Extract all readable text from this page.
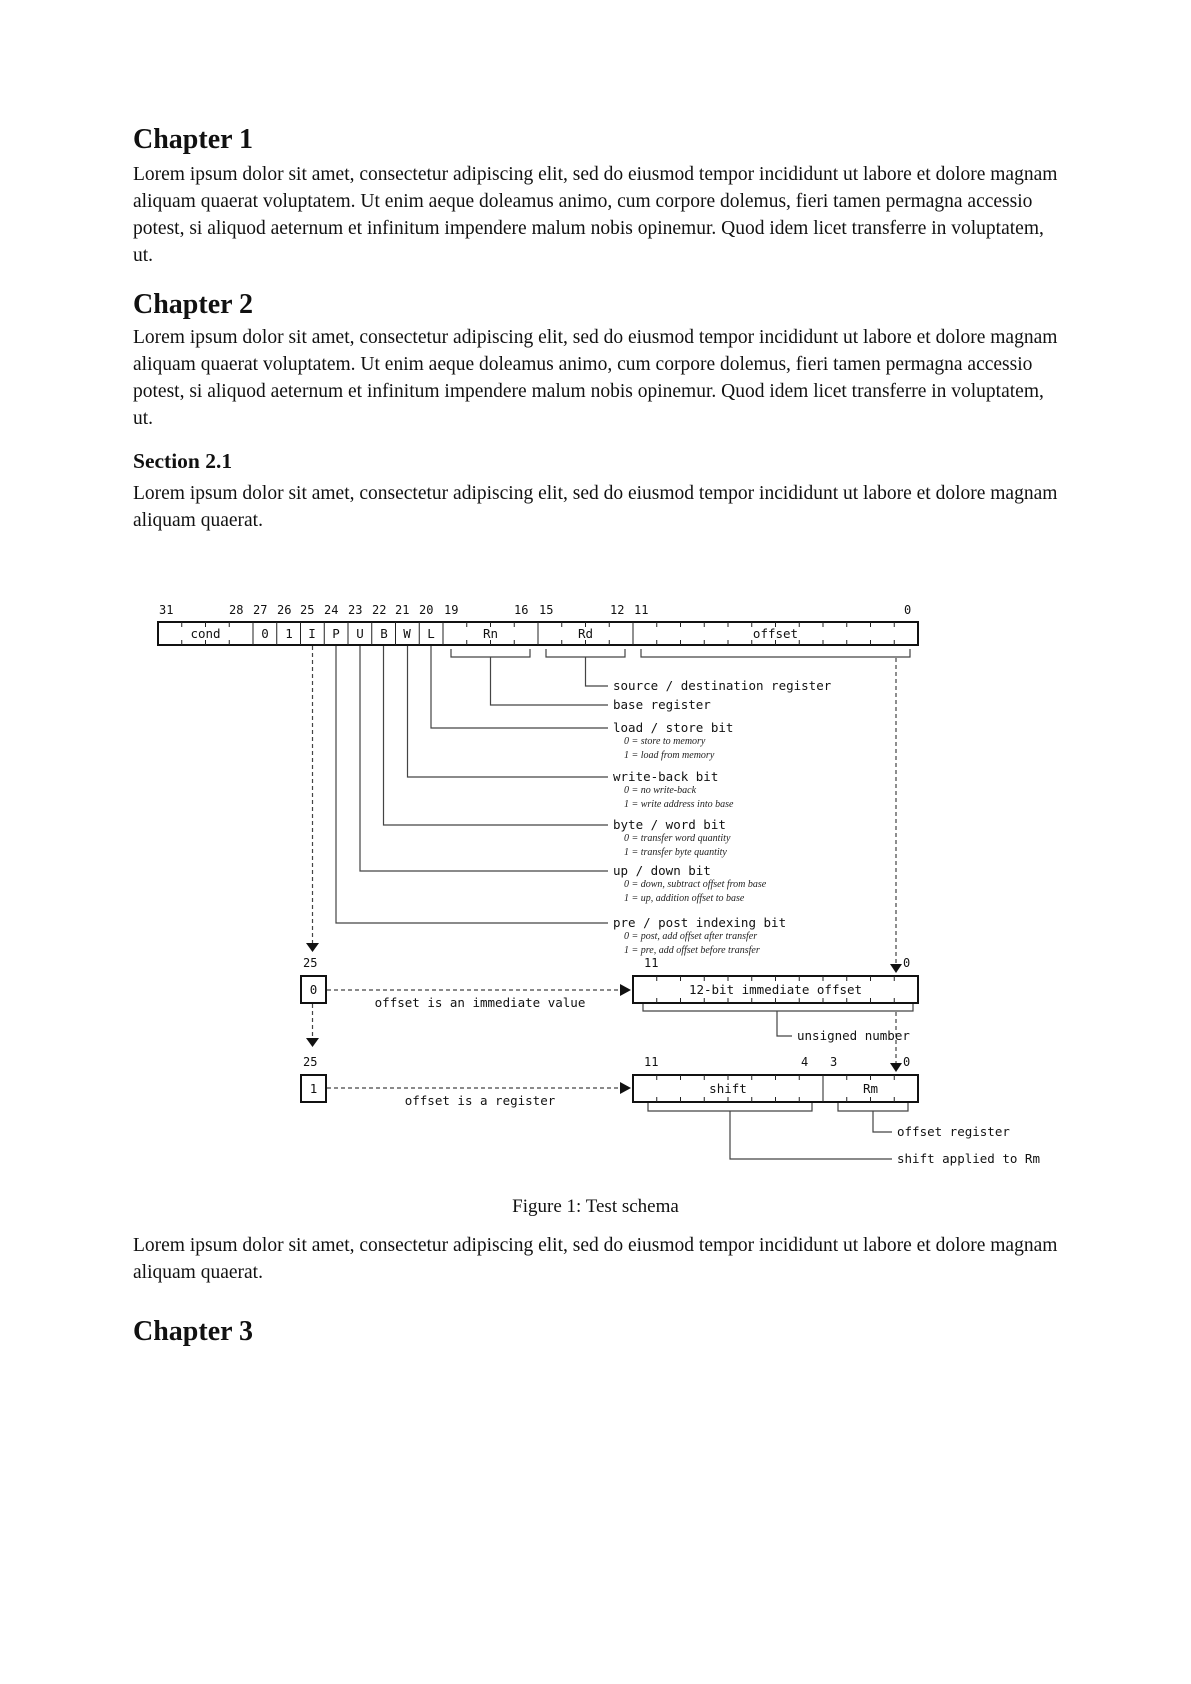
Chapter 1

Lorem ipsum dolor sit amet, consectetur adipiscing elit, sed do eiusmod tempor incididunt ut labore et dolore magnam aliquam quaerat voluptatem. Ut enim aeque doleamus animo, cum corpore dolemus, fieri tamen permagna accessio potest, si aliquod aeternum et infinitum impendere malum nobis opinemur. Quod idem licet transferre in voluptatem, ut.

Chapter 2

Lorem ipsum dolor sit amet, consectetur adipiscing elit, sed do eiusmod tempor incididunt ut labore et dolore magnam aliquam quaerat voluptatem. Ut enim aeque doleamus animo, cum corpore dolemus, fieri tamen permagna accessio potest, si aliquod aeternum et infinitum impendere malum nobis opinemur. Quod idem licet transferre in voluptatem, ut.

Section 2.1

Lorem ipsum dolor sit amet, consectetur adipiscing elit, sed do eiusmod tempor incididunt ut labore et dolore magnam aliquam quaerat.

31	28 27 26 25 24 23 22 21 20 19	16 15	12 11	0
cond	0	1	I	P	U	B	W	L	Rn	Rd	offset
source / destination register
base register
load / store bit
0 = store to memory
1 = load from memory
write-back bit
0 = no write-back
1 = write address into base
byte / word bit
0 = transfer word quantity
1 = transfer byte quantity
up / down bit
0 = down, subtract offset from base
1 = up, addition offset to base
pre / post indexing bit
0 = post, add offset after transfer
1 = pre, add offset before transfer
25	11	0
0	12-bit immediate offset
offset is an immediate value
unsigned number
25	11	4 3	0
1	shift	Rm
offset is a register
offset register
shift applied to Rm
Figure 1: Test schema

Lorem ipsum dolor sit amet, consectetur adipiscing elit, sed do eiusmod tempor incididunt ut labore et dolore magnam aliquam quaerat.

Chapter 3
